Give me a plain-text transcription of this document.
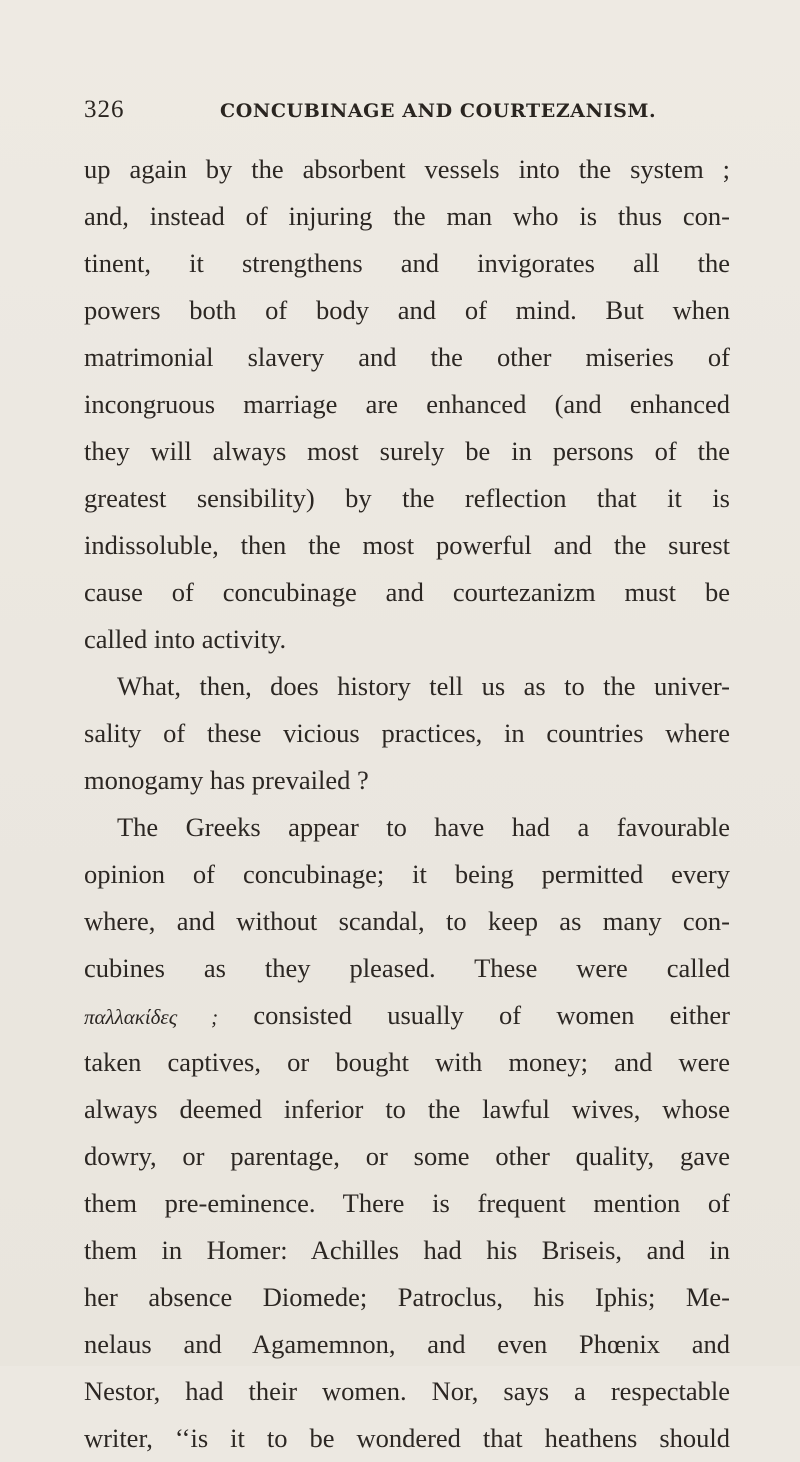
326	CONCUBINAGE AND COURTEZANISM.
up again by the absorbent vessels into the system ;
and, instead of injuring the man who is thus con-
tinent, it strengthens and invigorates all the
powers both of body and of mind. But when
matrimonial slavery and the other miseries of
incongruous marriage are enhanced (and enhanced
they will always most surely be in persons of the
greatest sensibility) by the reflection that it is
indissoluble, then the most powerful and the surest
cause of concubinage and courtezanizm must be
called into activity.
What, then, does history tell us as to the univer-
sality of these vicious practices, in countries where
monogamy has prevailed ?
The Greeks appear to have had a favourable
opinion of concubinage; it being permitted every
where, and without scandal, to keep as many con-
cubines as they pleased. These were called
παλλακίδες ; consisted usually of women either
taken captives, or bought with money; and were
always deemed inferior to the lawful wives, whose
dowry, or parentage, or some other quality, gave
them pre-eminence. There is frequent mention of
them in Homer: Achilles had his Briseis, and in
her absence Diomede; Patroclus, his Iphis; Me-
nelaus and Agamemnon, and even Phœnix and
Nestor, had their women. Nor, says a respectable
writer, ‘‘is it to be wondered that heathens should
